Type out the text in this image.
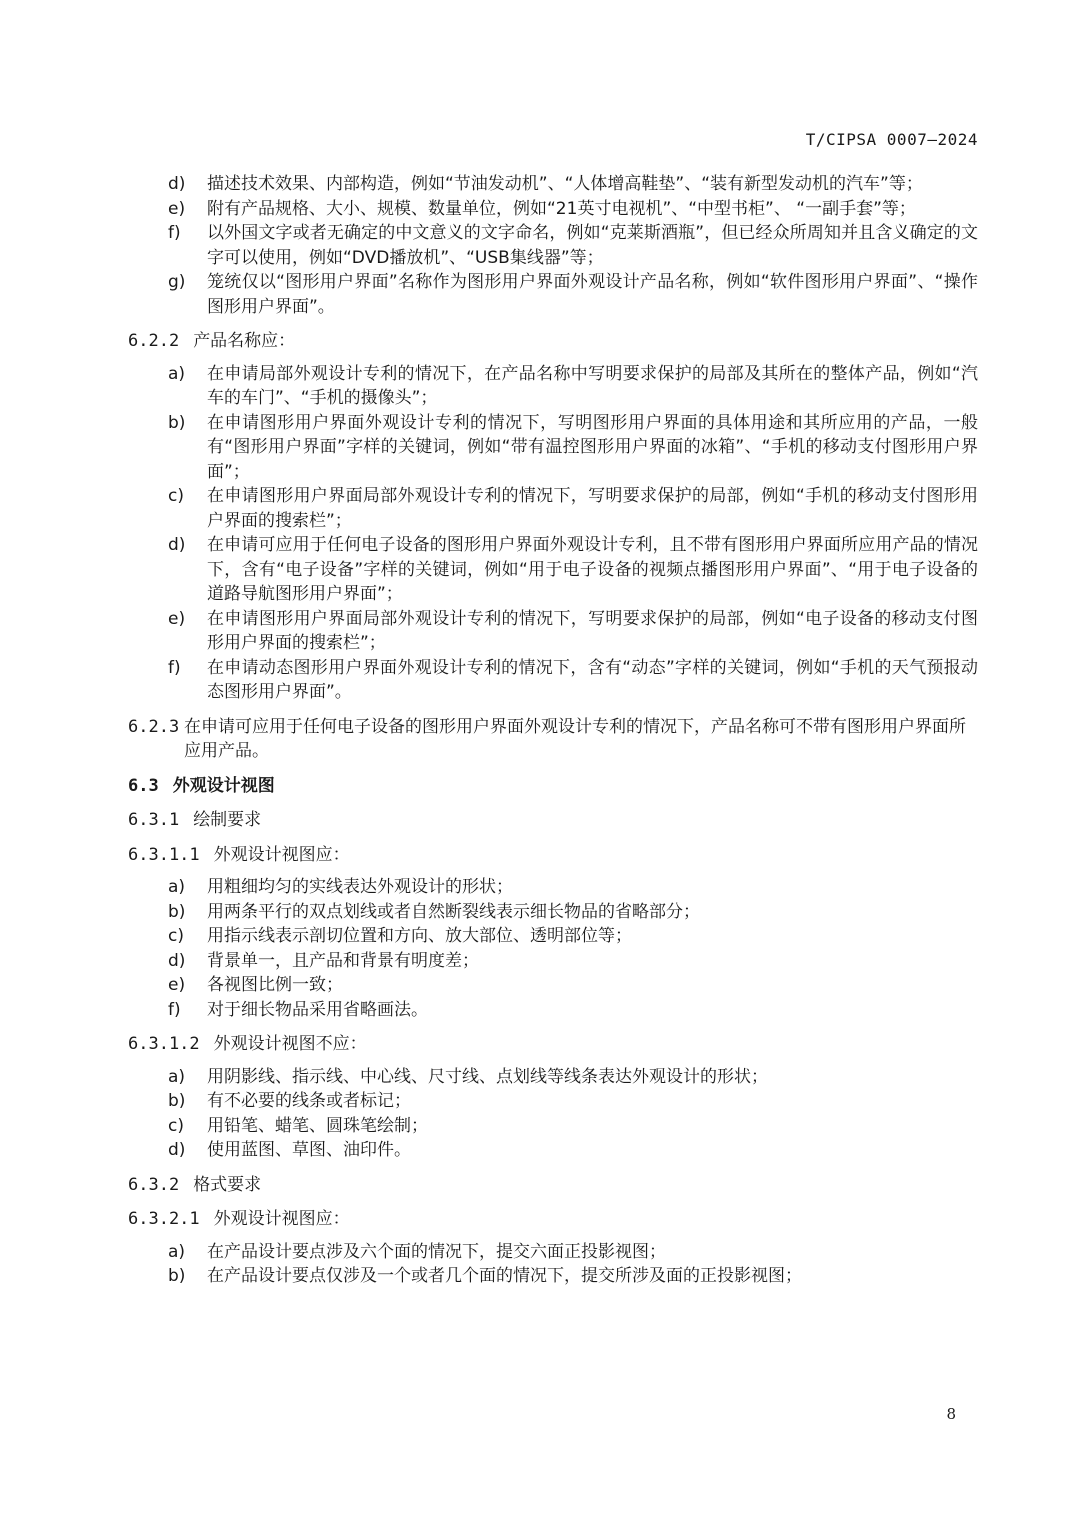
T/CIPSA 0007—2024
d)	描述技术效果、内部构造，例如“节油发动机”、“人体增高鞋垫”、“装有新型发动机的汽车”等；
e)	附有产品规格、大小、规模、数量单位，例如“21英寸电视机”、“中型书柜”、 “一副手套”等；
f)	以外国文字或者无确定的中文意义的文字命名，例如“克莱斯酒瓶”，但已经众所周知并且含义确定的文字可以使用，例如“DVD播放机”、“USB集线器”等；
g)	笼统仅以“图形用户界面”名称作为图形用户界面外观设计产品名称，例如“软件图形用户界面”、“操作图形用户界面”。
6.2.2 产品名称应：
a)	在申请局部外观设计专利的情况下，在产品名称中写明要求保护的局部及其所在的整体产品，例如“汽车的车门”、“手机的摄像头”；
b)	在申请图形用户界面外观设计专利的情况下，写明图形用户界面的具体用途和其所应用的产品，一般有“图形用户界面”字样的关键词，例如“带有温控图形用户界面的冰箱”、“手机的移动支付图形用户界面”；
c)	在申请图形用户界面局部外观设计专利的情况下，写明要求保护的局部，例如“手机的移动支付图形用户界面的搜索栏”；
d)	在申请可应用于任何电子设备的图形用户界面外观设计专利，且不带有图形用户界面所应用产品的情况下，含有“电子设备”字样的关键词，例如“用于电子设备的视频点播图形用户界面”、“用于电子设备的道路导航图形用户界面”；
e)	在申请图形用户界面局部外观设计专利的情况下，写明要求保护的局部，例如“电子设备的移动支付图形用户界面的搜索栏”；
f)	在申请动态图形用户界面外观设计专利的情况下，含有“动态”字样的关键词，例如“手机的天气预报动态图形用户界面”。
6.2.3 在申请可应用于任何电子设备的图形用户界面外观设计专利的情况下，产品名称可不带有图形用户界面所应用产品。
6.3 外观设计视图
6.3.1 绘制要求
6.3.1.1 外观设计视图应：
a)	用粗细均匀的实线表达外观设计的形状；
b)	用两条平行的双点划线或者自然断裂线表示细长物品的省略部分；
c)	用指示线表示剖切位置和方向、放大部位、透明部位等；
d)	背景单一，且产品和背景有明度差；
e)	各视图比例一致；
f)	对于细长物品采用省略画法。
6.3.1.2 外观设计视图不应：
a)	用阴影线、指示线、中心线、尺寸线、点划线等线条表达外观设计的形状；
b)	有不必要的线条或者标记；
c)	用铅笔、蜡笔、圆珠笔绘制；
d)	使用蓝图、草图、油印件。
6.3.2 格式要求
6.3.2.1 外观设计视图应：
a)	在产品设计要点涉及六个面的情况下，提交六面正投影视图；
b)	在产品设计要点仅涉及一个或者几个面的情况下，提交所涉及面的正投影视图；
8
